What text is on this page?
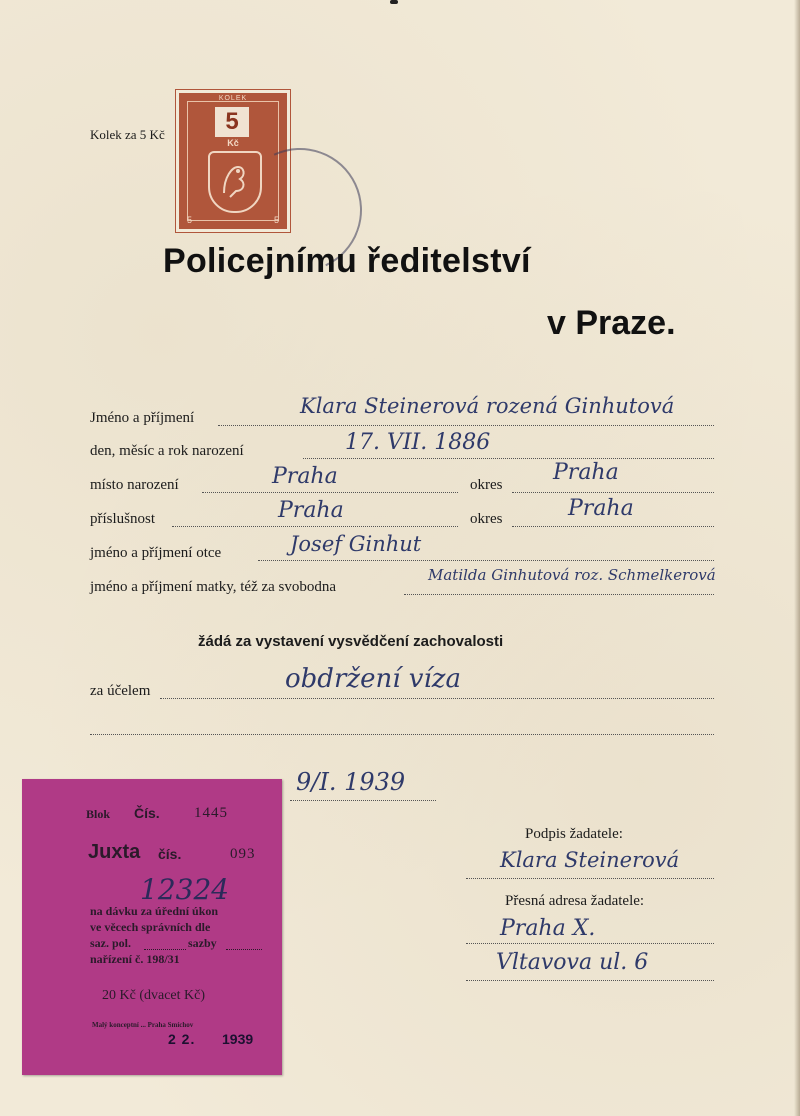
Kolek za 5 Kč
KOLEK
5
Kč
5	5
Policejnímu ředitelství
v Praze.
Jméno a příjmení	Klara Steinerová rozená Ginhutová
den, měsíc a rok narození	17. VII. 1886
místo narození	Praha	okres Praha
příslušnost	Praha	okres	Praha
jméno a příjmení otce	Josef Ginhut
jméno a příjmení matky, též za svobodna
Matilda Ginhutová roz. Schmelkerová
žádá za vystavení vysvědčení zachovalosti
za účelem	obdržení víza
9/I. 1939
Podpis žadatele:
Klara Steinerová
Přesná adresa žadatele:
Praha X.
Vltavova ul. 6
Blok Čís. 1445
Juxta čís.	093
12324
na dávku za úřední úkon
ve věcech správních dle
saz. pol.	sazby
nařízení č. 198/31
20 Kč (dvacet Kč)
Malý konceptní ... Praha Smíchov
2 2. 1939
